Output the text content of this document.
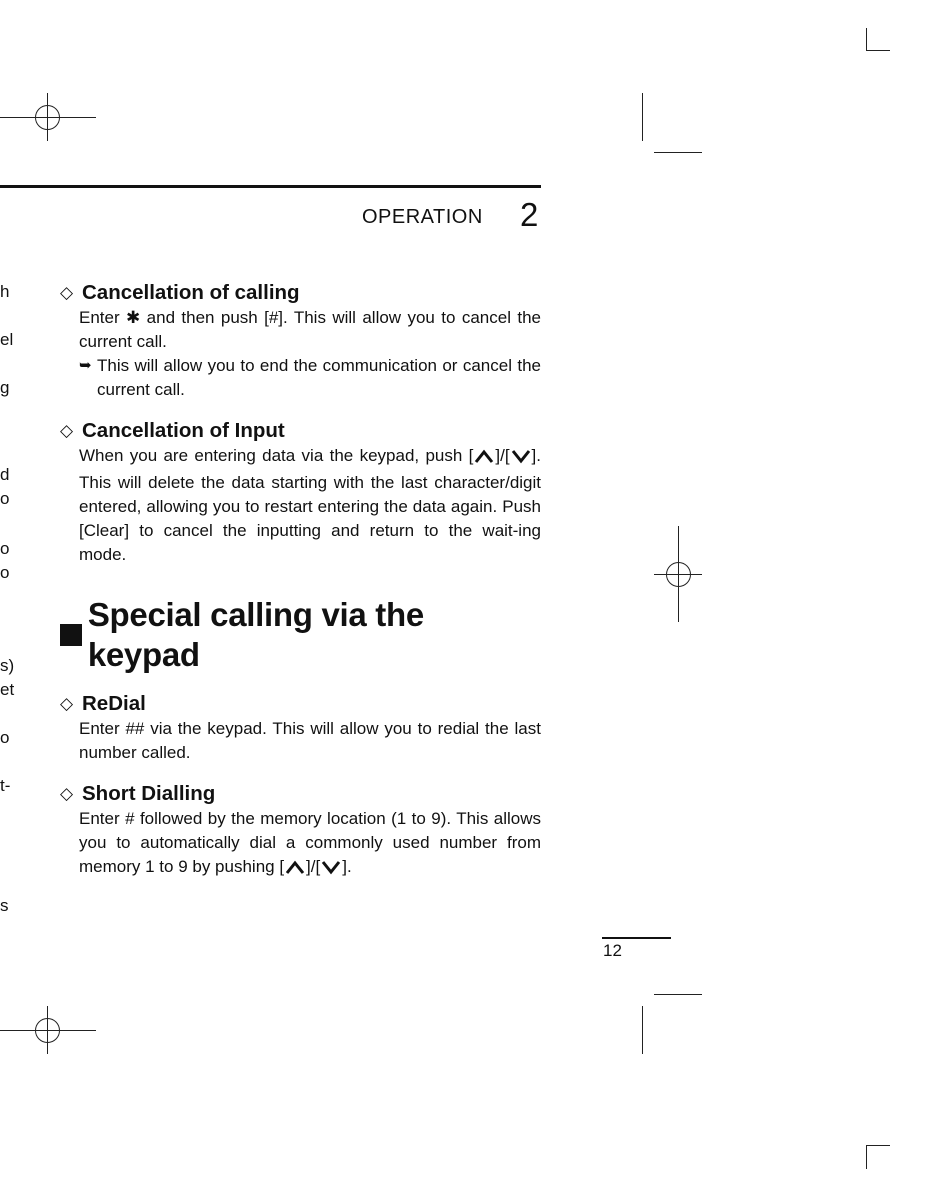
h
el
g
d
o
o
o
s)
et
o
t-
s
OPERATION 2
◇ Cancellation of calling

Enter ✱ and then push [#]. This will allow you to cancel the current call.

➥ This will allow you to end the communication or cancel the current call.
◇ Cancellation of Input

When you are entering data via the keypad, push [ ]/[ ]. This will delete the data starting with the last character/digit entered, allowing you to restart entering the data again. Push [Clear] to cancel the inputting and return to the wait-ing mode.

Special calling via the keypad
◇ ReDial

Enter ## via the keypad. This will allow you to redial the last number called.

◇ Short Dialling

Enter # followed by the memory location (1 to 9). This allows you to automatically dial a commonly used number from memory 1 to 9 by pushing [ ]/[ ].

12
